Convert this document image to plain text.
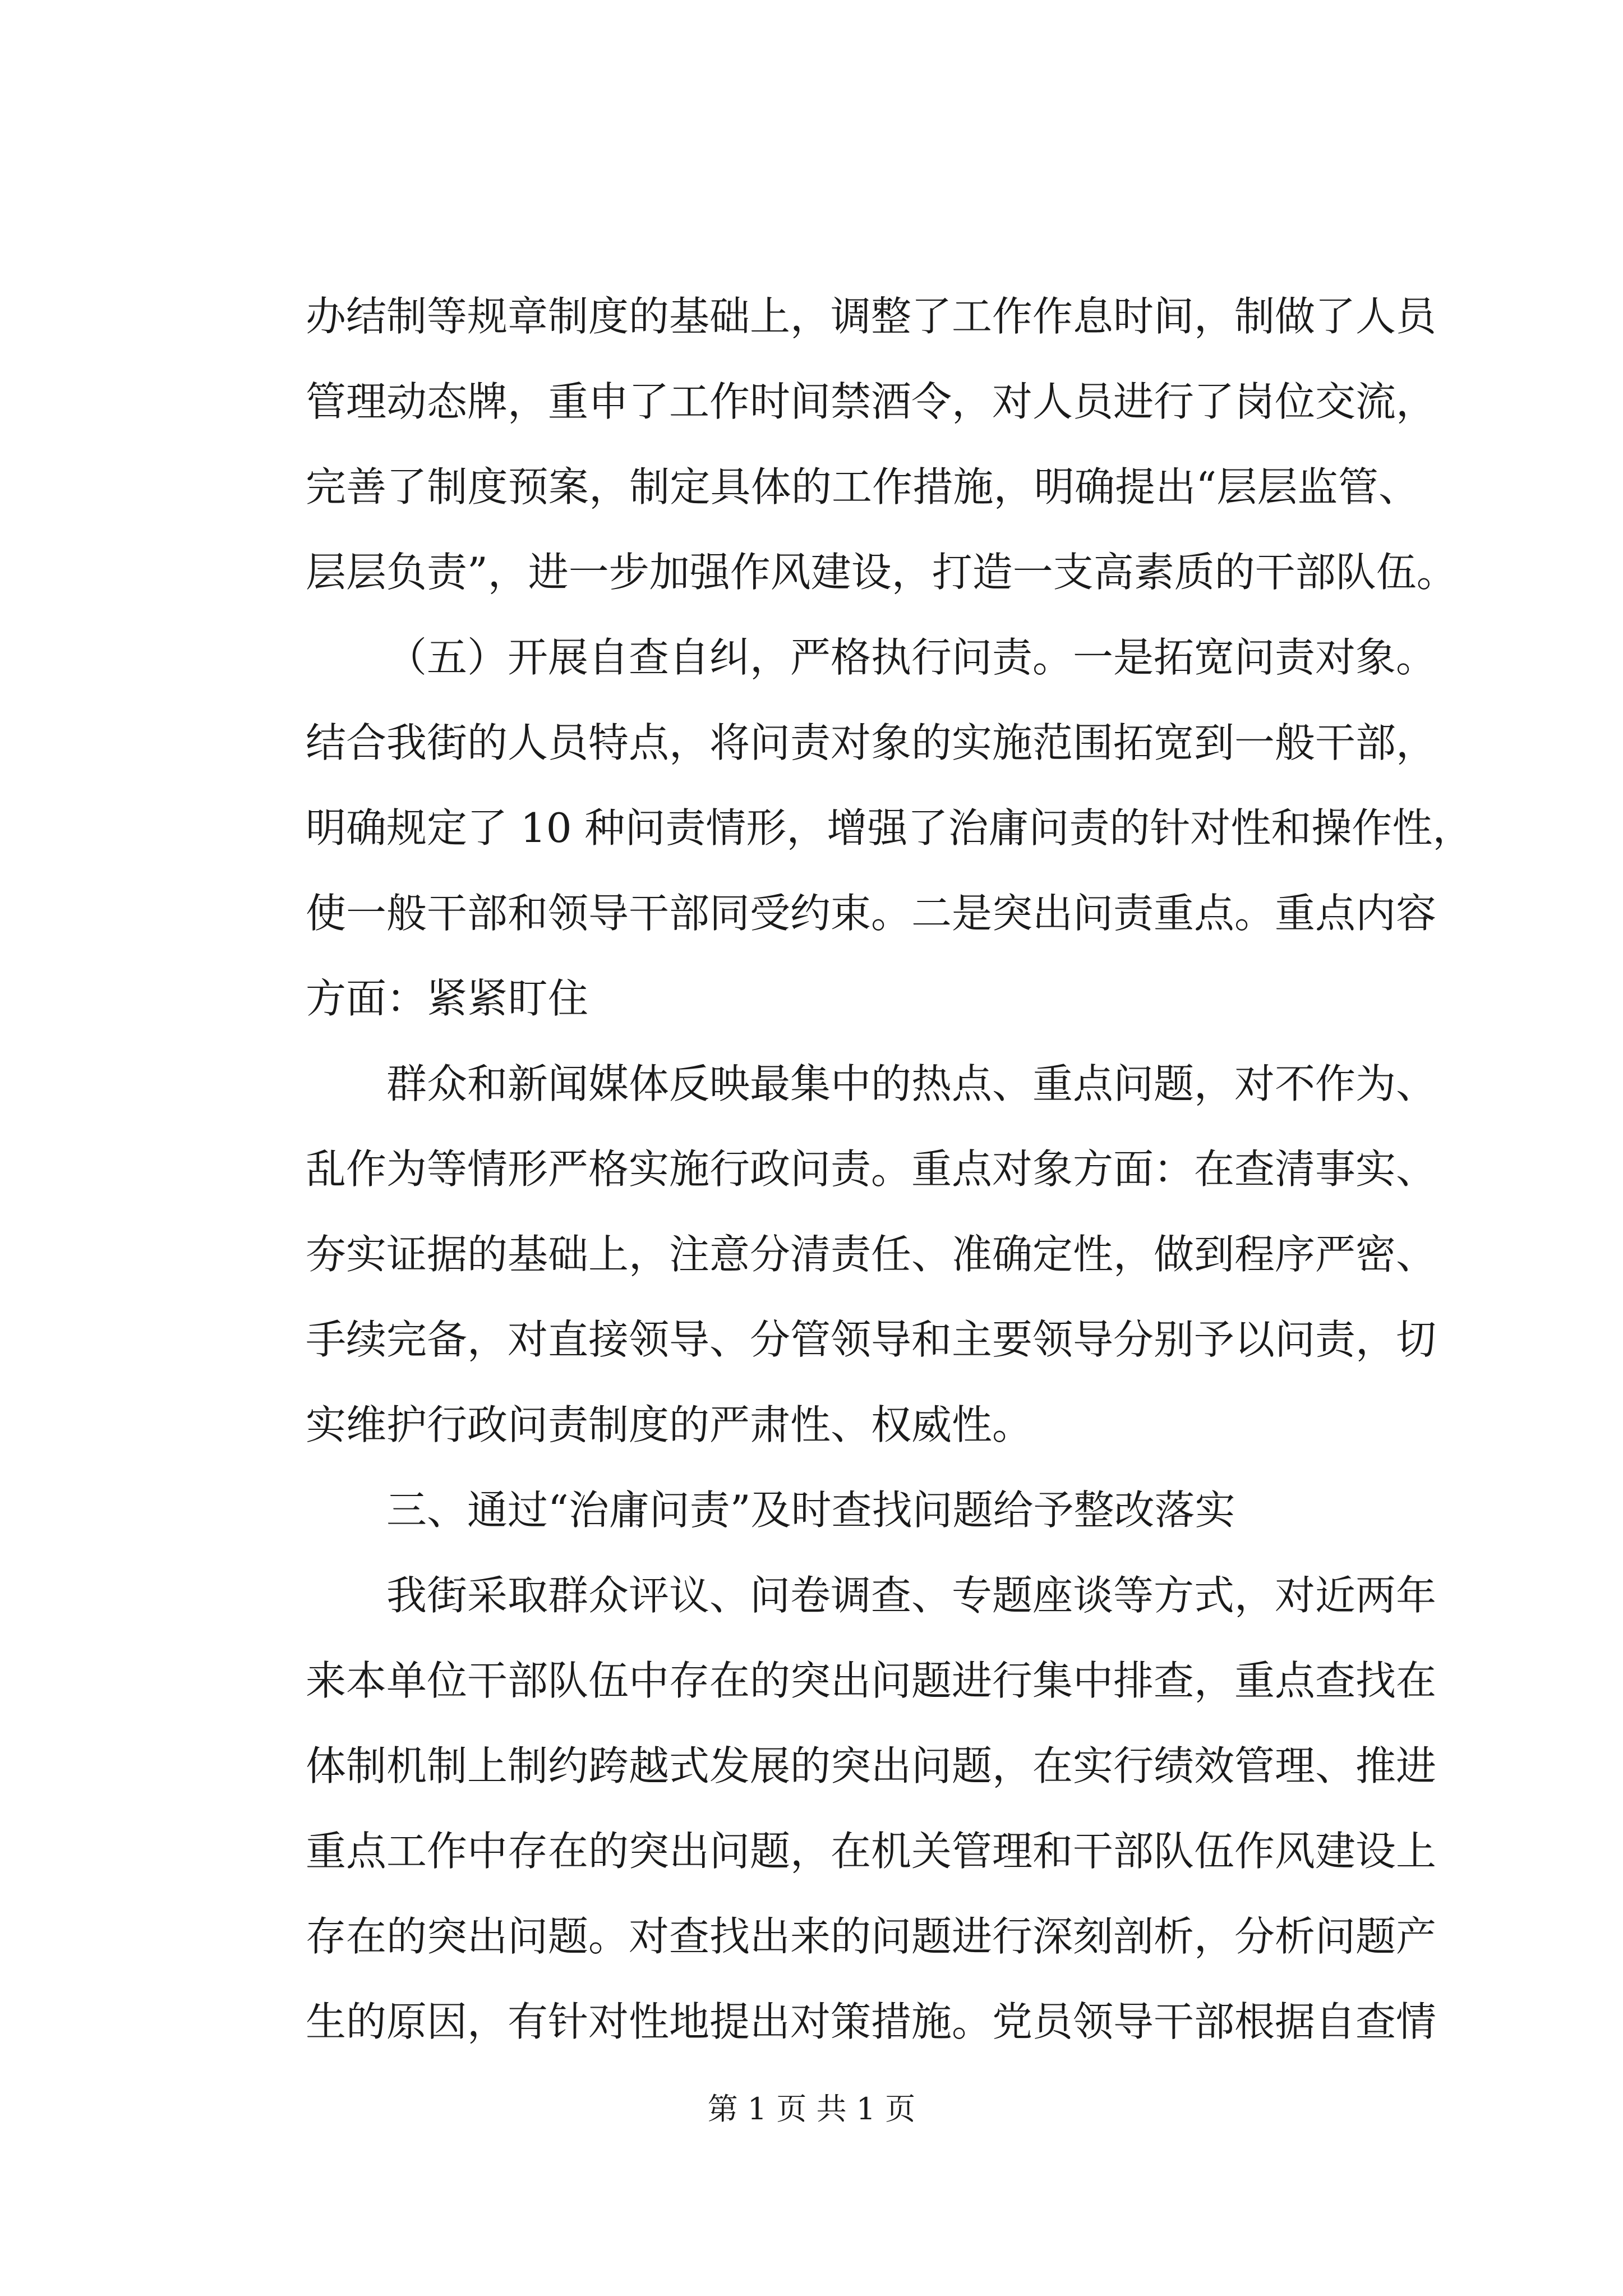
办结制等规章制度的基础上，调整了工作作息时间，制做了人员
管理动态牌，重申了工作时间禁酒令，对人员进行了岗位交流，
完善了制度预案，制定具体的工作措施，明确提出“层层监管、
层层负责”，进一步加强作风建设，打造一支高素质的干部队伍。
（五）开展自查自纠，严格执行问责。一是拓宽问责对象。
结合我街的人员特点，将问责对象的实施范围拓宽到一般干部，
明确规定了 10 种问责情形，增强了治庸问责的针对性和操作性，
使一般干部和领导干部同受约束。二是突出问责重点。重点内容
方面：紧紧盯住
群众和新闻媒体反映最集中的热点、重点问题，对不作为、
乱作为等情形严格实施行政问责。重点对象方面：在查清事实、
夯实证据的基础上，注意分清责任、准确定性，做到程序严密、
手续完备，对直接领导、分管领导和主要领导分别予以问责，切
实维护行政问责制度的严肃性、权威性。
三、通过“治庸问责”及时查找问题给予整改落实
我街采取群众评议、问卷调查、专题座谈等方式，对近两年
来本单位干部队伍中存在的突出问题进行集中排查，重点查找在
体制机制上制约跨越式发展的突出问题，在实行绩效管理、推进
重点工作中存在的突出问题，在机关管理和干部队伍作风建设上
存在的突出问题。对查找出来的问题进行深刻剖析，分析问题产
生的原因，有针对性地提出对策措施。党员领导干部根据自查情
第 1 页 共 1 页
